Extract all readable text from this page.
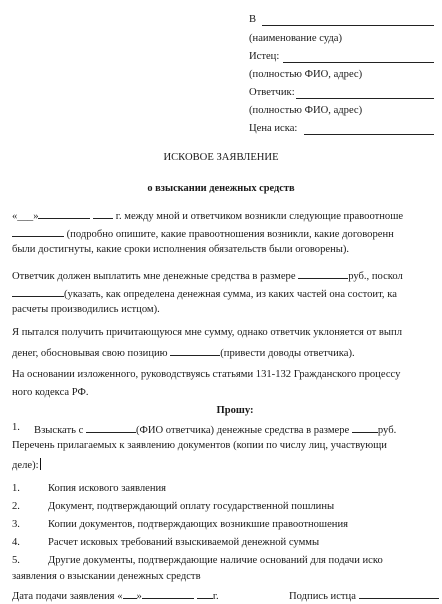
В
(наименование суда)
Истец:
(полностью ФИО, адрес)
Ответчик:
(полностью ФИО, адрес)
Цена иска:
ИСКОВОЕ ЗАЯВЛЕНИЕ
о взыскании денежных средств
«___»	г. между мной и ответчиком возникли следующие правоотноше
(подробно опишите, какие правоотношения возникли, какие договоренн
были достигнуты, какие сроки исполнения обязательств были оговорены).
Ответчик должен выплатить мне денежные средства в размере	руб., поскол
(указать, как определена денежная сумма, из каких частей она состоит, ка
расчеты производились истцом).
Я пытался получить причитающуюся мне сумму, однако ответчик уклоняется от выпл
денег, обосновывая свою позицию	(привести доводы ответчика).
На основании изложенного, руководствуясь статьями 131-132 Гражданского процессу
ного кодекса РФ.
Прошу:
1. Взыскать с	(ФИО ответчика) денежные средства в размере	руб.
Перечень прилагаемых к заявлению документов (копии по числу лиц, участвующи
деле):
1.	Копия искового заявления
2.	Документ, подтверждающий оплату государственной пошлины
3.	Копии документов, подтверждающих возникшие правоотношения
4.	Расчет исковых требований взыскиваемой денежной суммы
5.	Другие документы, подтверждающие наличие оснований для подачи иско
заявления о взыскании денежных средств
Дата подачи заявления « »	г.	Подпись истца
